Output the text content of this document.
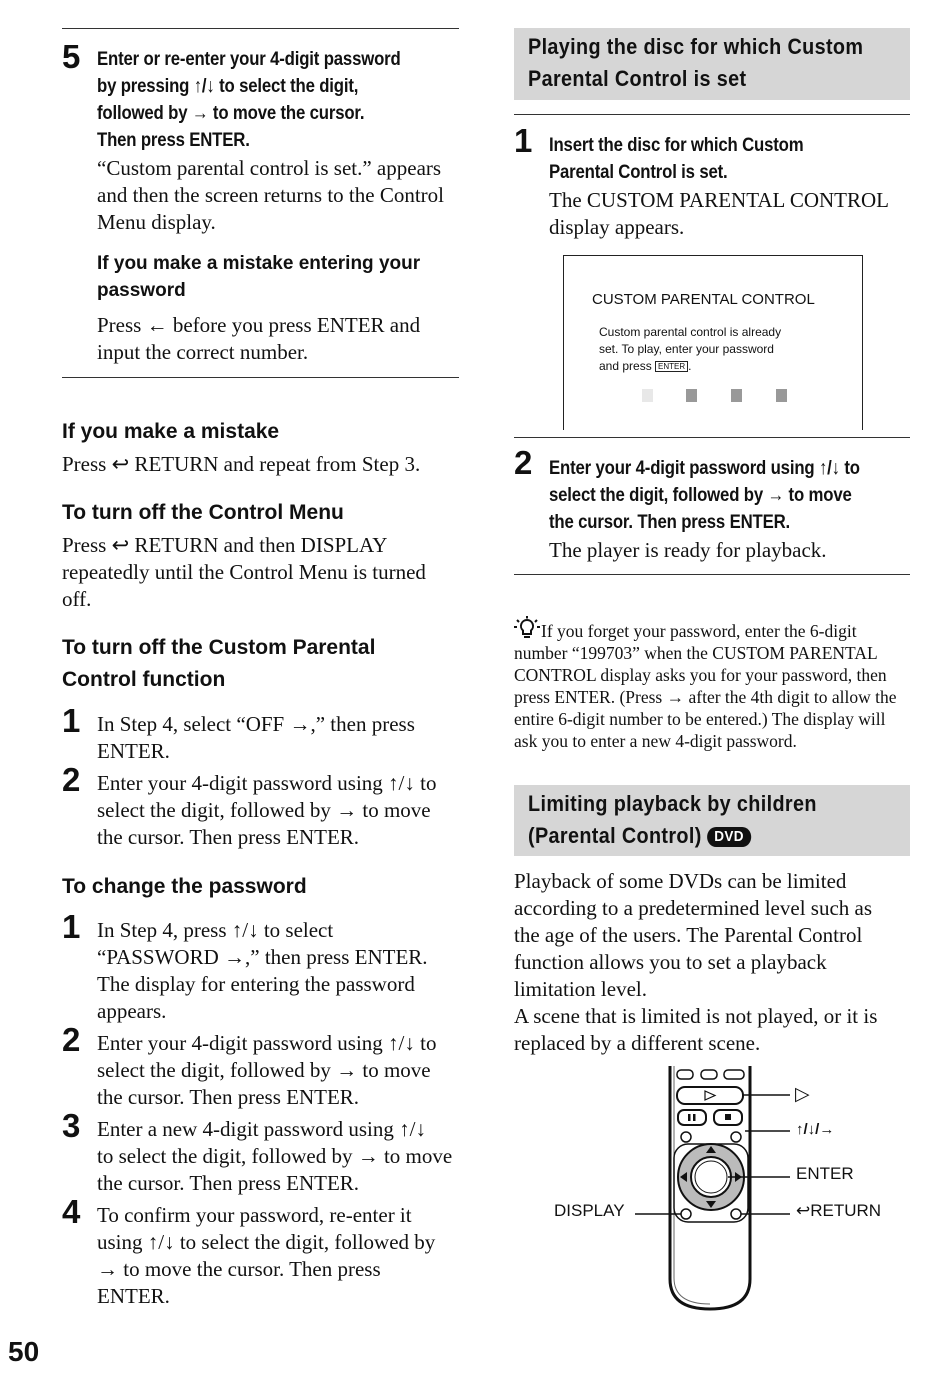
5 Enter or re-enter your 4-digit password
by pressing ↑/↓ to select the digit,
followed by → to move the cursor.
Then press ENTER.
“Custom parental control is set.” appears
and then the screen returns to the Control
Menu display.
If you make a mistake entering your
password
Press ← before you press ENTER and
input the correct number.
If you make a mistake
Press ↩ RETURN and repeat from Step 3.
To turn off the Control Menu
Press ↩ RETURN and then DISPLAY
repeatedly until the Control Menu is turned
off.
To turn off the Custom Parental
Control function
1 In Step 4, select “OFF →,” then press
ENTER.
2 Enter your 4-digit password using ↑/↓ to
select the digit, followed by → to move
the cursor. Then press ENTER.
To change the password
1 In Step 4, press ↑/↓ to select
“PASSWORD →,” then press ENTER.
The display for entering the password
appears.
2 Enter your 4-digit password using ↑/↓ to
select the digit, followed by → to move
the cursor. Then press ENTER.
3 Enter a new 4-digit password using ↑/↓
to select the digit, followed by → to move
the cursor. Then press ENTER.
4 To confirm your password, re-enter it
using ↑/↓ to select the digit, followed by
→ to move the cursor. Then press
ENTER.
Playing the disc for which Custom
Parental Control is set
1 Insert the disc for which Custom
Parental Control is set.
The CUSTOM PARENTAL CONTROL
display appears.
CUSTOM PARENTAL CONTROL
Custom parental control is already
set. To play, enter your password
and press ENTER .
2 Enter your 4-digit password using ↑/↓ to
select the digit, followed by → to move
the cursor. Then press ENTER.
The player is ready for playback.
If you forget your password, enter the 6-digit
number “199703” when the CUSTOM PARENTAL
CONTROL display asks you for your password, then
press ENTER. (Press → after the 4th digit to allow the
entire 6-digit number to be entered.) The display will
ask you to enter a new 4-digit password.
Limiting playback by children
(Parental Control) DVD
Playback of some DVDs can be limited
according to a predetermined level such as
the age of the users. The Parental Control
function allows you to set a playback
limitation level.
A scene that is limited is not played, or it is
replaced by a different scene.
▷
↑/↓/→
ENTER
DISPLAY	↩RETURN
50
